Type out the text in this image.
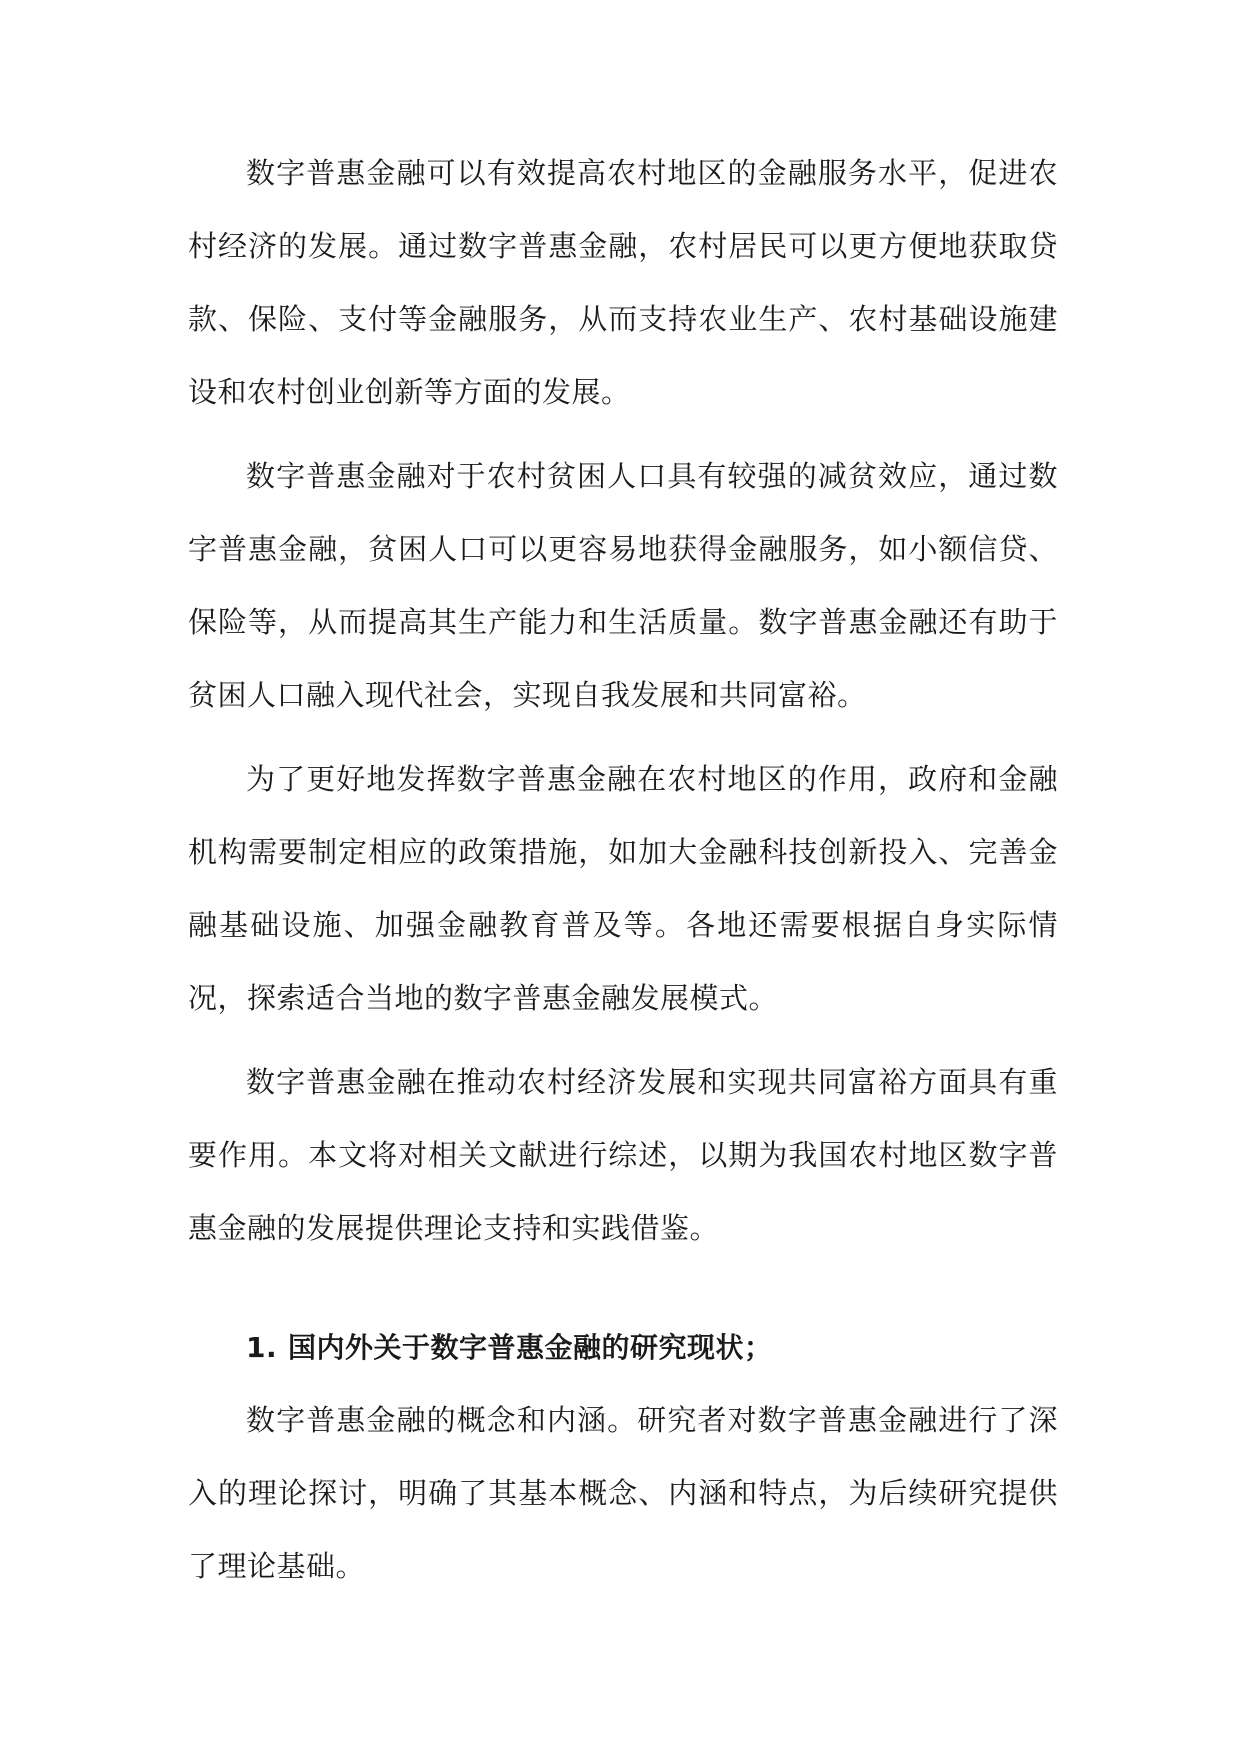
数字普惠金融可以有效提高农村地区的金融服务水平，促进农村经济的发展。通过数字普惠金融，农村居民可以更方便地获取贷款、保险、支付等金融服务，从而支持农业生产、农村基础设施建设和农村创业创新等方面的发展。

数字普惠金融对于农村贫困人口具有较强的减贫效应，通过数字普惠金融，贫困人口可以更容易地获得金融服务，如小额信贷、保险等，从而提高其生产能力和生活质量。数字普惠金融还有助于贫困人口融入现代社会，实现自我发展和共同富裕。

为了更好地发挥数字普惠金融在农村地区的作用，政府和金融机构需要制定相应的政策措施，如加大金融科技创新投入、完善金融基础设施、加强金融教育普及等。各地还需要根据自身实际情况，探索适合当地的数字普惠金融发展模式。

数字普惠金融在推动农村经济发展和实现共同富裕方面具有重要作用。本文将对相关文献进行综述，以期为我国农村地区数字普惠金融的发展提供理论支持和实践借鉴。

1. 国内外关于数字普惠金融的研究现状；

数字普惠金融的概念和内涵。研究者对数字普惠金融进行了深入的理论探讨，明确了其基本概念、内涵和特点，为后续研究提供了理论基础。
